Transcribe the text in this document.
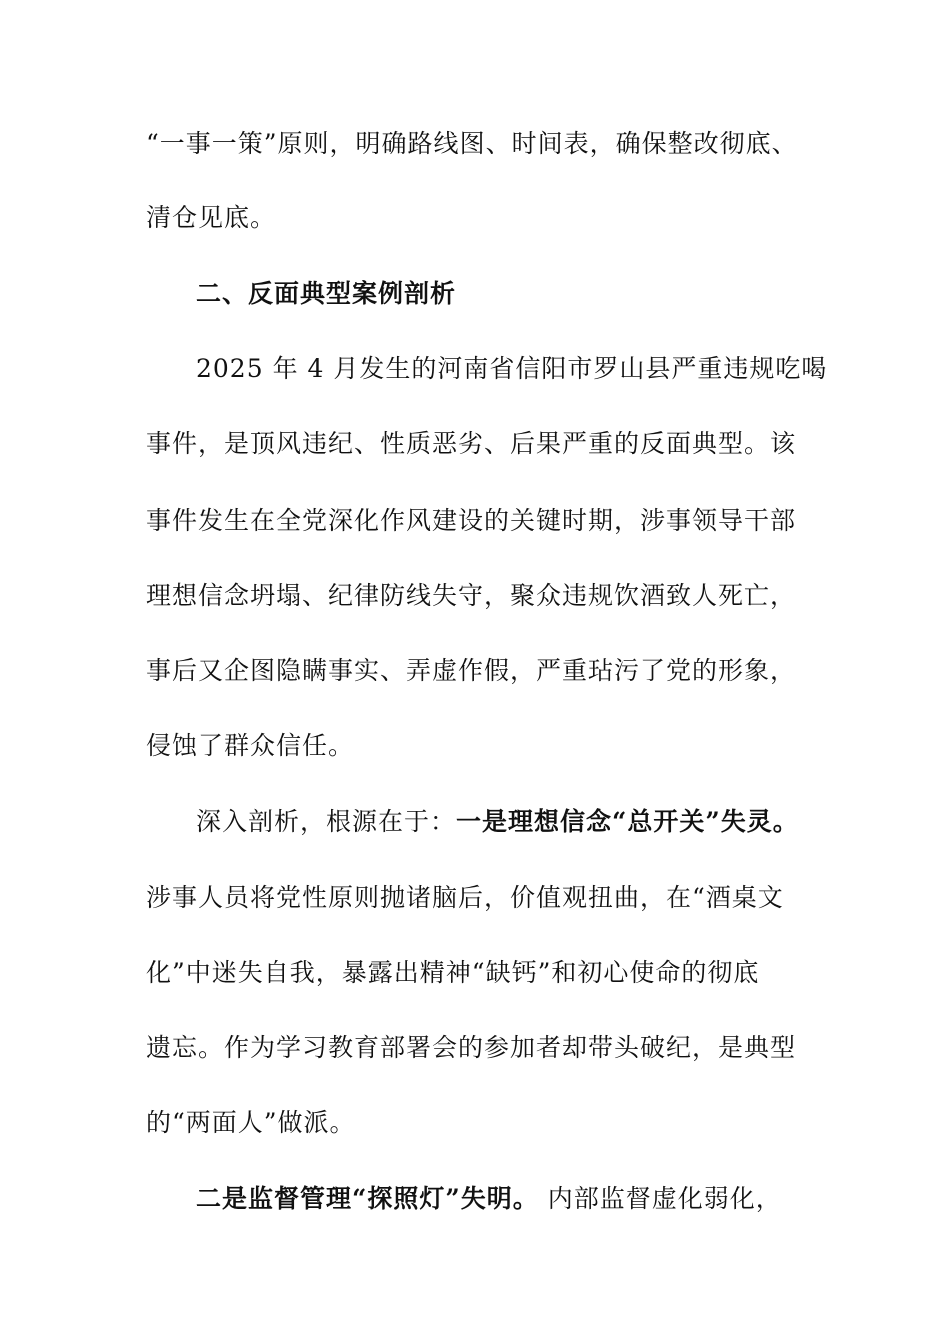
“一事一策”原则，明确路线图、时间表，确保整改彻底、
清仓见底。
二、反面典型案例剖析
2025 年 4 月发生的河南省信阳市罗山县严重违规吃喝
事件，是顶风违纪、性质恶劣、后果严重的反面典型。该
事件发生在全党深化作风建设的关键时期，涉事领导干部
理想信念坍塌、纪律防线失守，聚众违规饮酒致人死亡，
事后又企图隐瞒事实、弄虚作假，严重玷污了党的形象，
侵蚀了群众信任。
深入剖析，根源在于：一是理想信念“总开关”失灵。
涉事人员将党性原则抛诸脑后，价值观扭曲，在“酒桌文
化”中迷失自我，暴露出精神“缺钙”和初心使命的彻底
遗忘。作为学习教育部署会的参加者却带头破纪，是典型
的“两面人”做派。
二是监督管理“探照灯”失明。 内部监督虚化弱化，
